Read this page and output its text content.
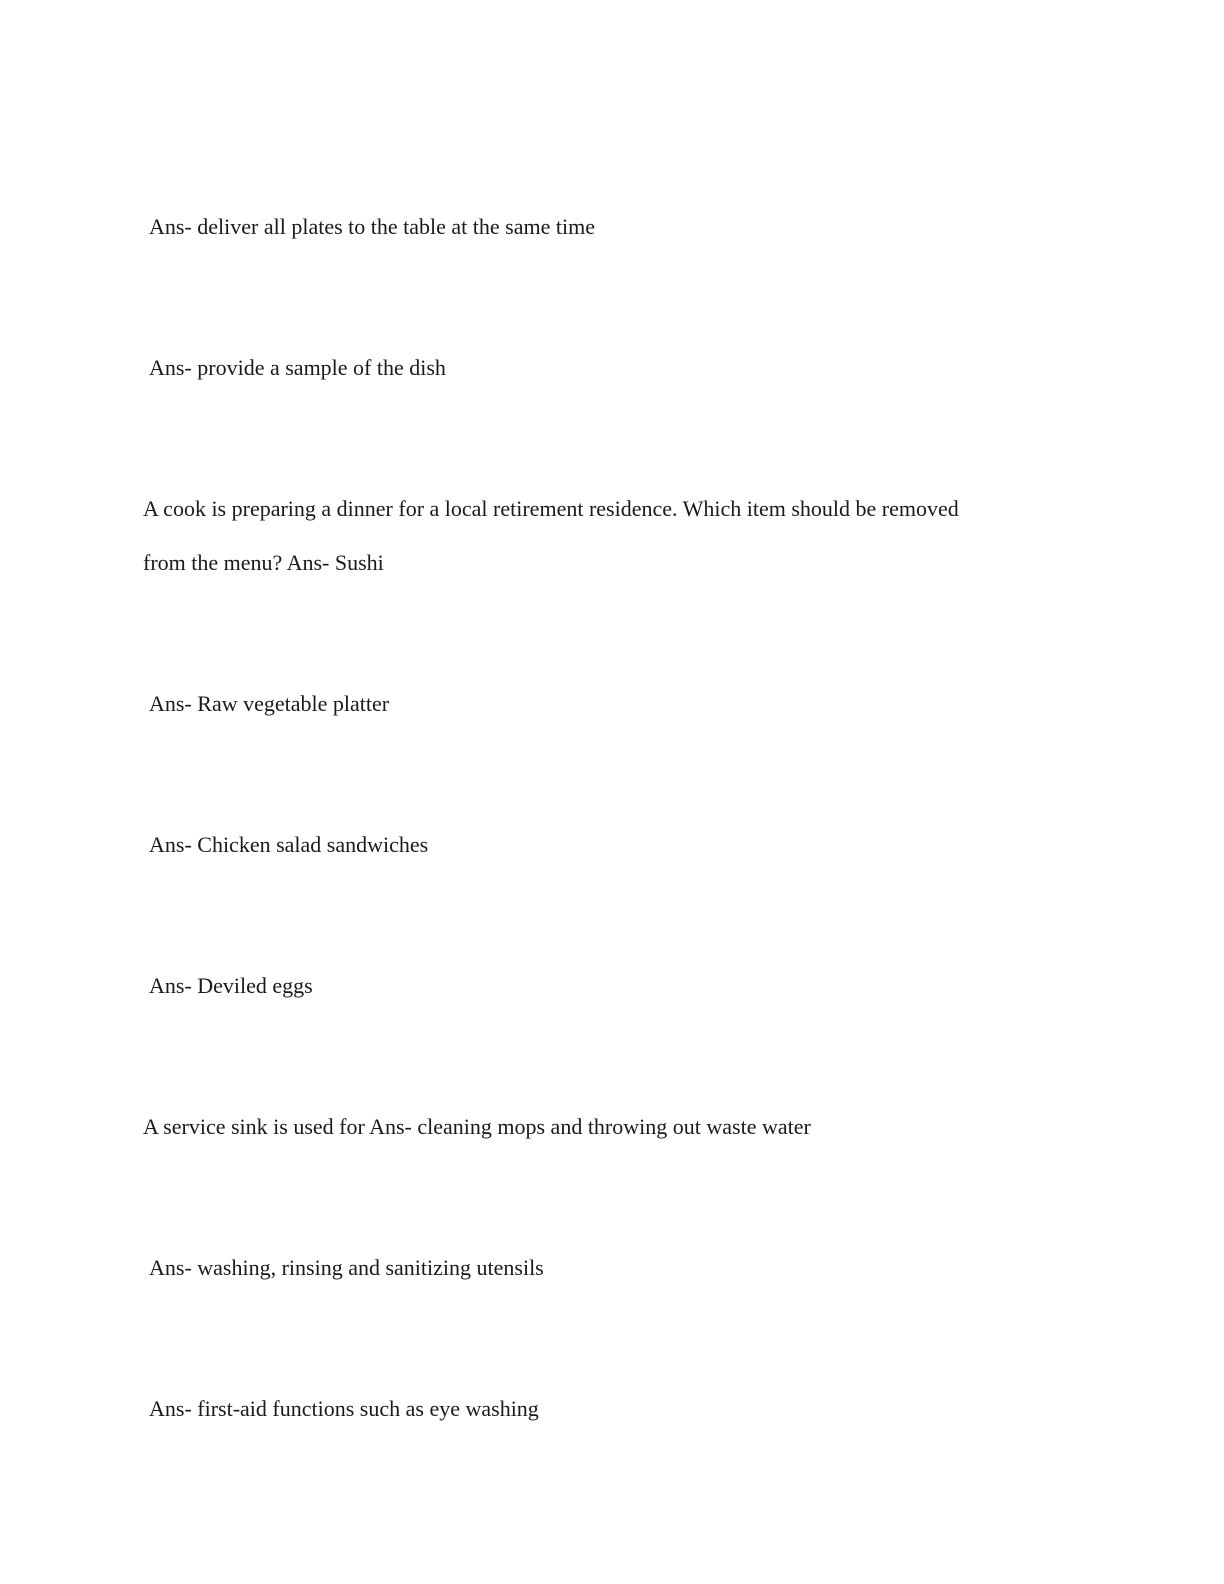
Ans- deliver all plates to the table at the same time

Ans- provide a sample of the dish

A cook is preparing a dinner for a local retirement residence. Which item should be removed

from the menu? Ans- Sushi

Ans- Raw vegetable platter

Ans- Chicken salad sandwiches

Ans- Deviled eggs

A service sink is used for Ans- cleaning mops and throwing out waste water

Ans- washing, rinsing and sanitizing utensils

Ans- first-aid functions such as eye washing
